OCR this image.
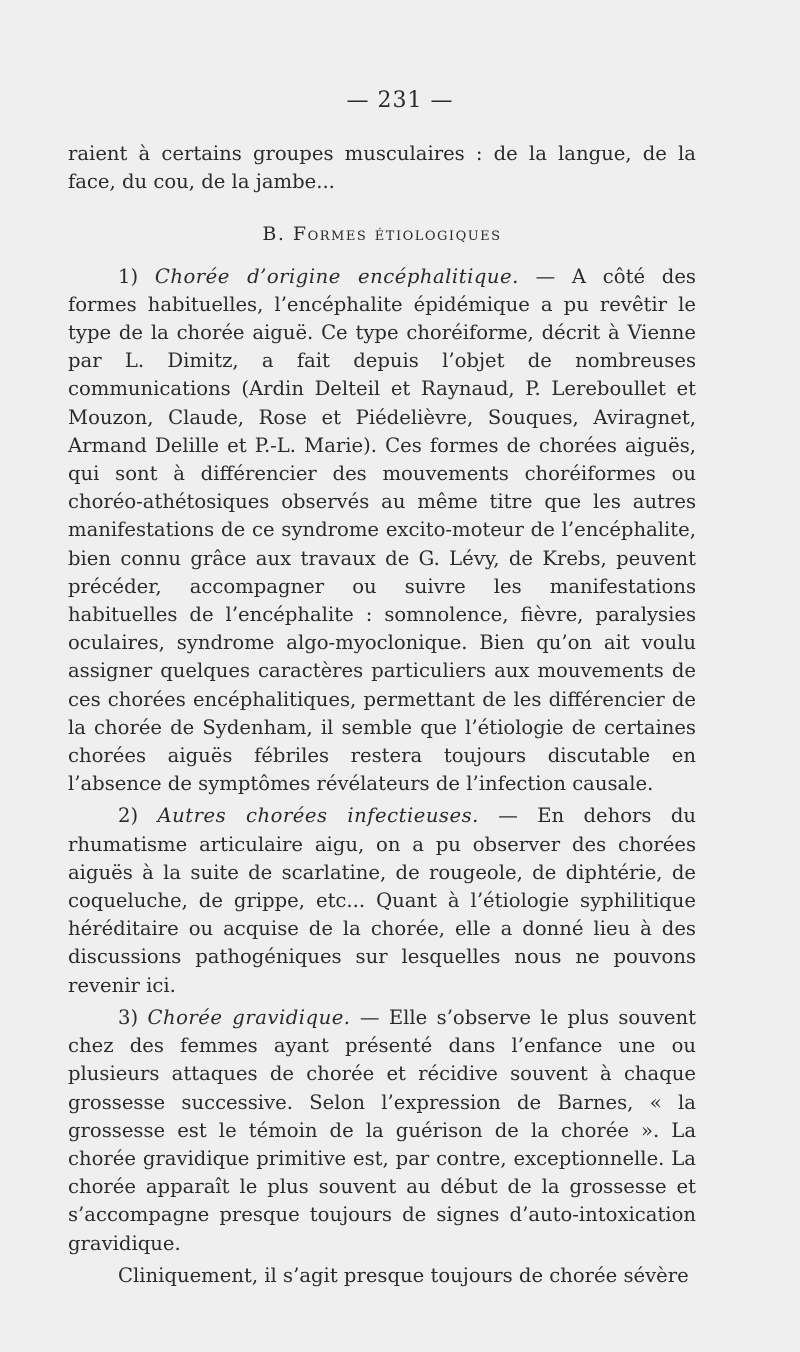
— 231 —

raient à certains groupes musculaires : de la langue, de la face, du cou, de la jambe...

B. Formes étiologiques

1) Chorée d’origine encéphalitique. — A côté des formes habituelles, l’encéphalite épidémique a pu revêtir le type de la chorée aiguë. Ce type choréiforme, décrit à Vienne par L. Dimitz, a fait depuis l’objet de nombreuses communications (Ardin Delteil et Raynaud, P. Lereboullet et Mouzon, Claude, Rose et Piédelièvre, Souques, Aviragnet, Armand Delille et P.-L. Marie). Ces formes de chorées aiguës, qui sont à différencier des mouvements choréiformes ou choréo-athétosiques observés au même titre que les autres manifestations de ce syndrome excito-moteur de l’encéphalite, bien connu grâce aux travaux de G. Lévy, de Krebs, peuvent précéder, accompagner ou suivre les manifestations habituelles de l’encéphalite : somnolence, fièvre, paralysies oculaires, syndrome algo-myoclonique. Bien qu’on ait voulu assigner quelques caractères particuliers aux mouvements de ces chorées encéphalitiques, permettant de les différencier de la chorée de Sydenham, il semble que l’étiologie de certaines chorées aiguës fébriles restera toujours discutable en l’absence de symptômes révélateurs de l’infection causale.

2) Autres chorées infectieuses. — En dehors du rhumatisme articulaire aigu, on a pu observer des chorées aiguës à la suite de scarlatine, de rougeole, de diphtérie, de coqueluche, de grippe, etc... Quant à l’étiologie syphilitique héréditaire ou acquise de la chorée, elle a donné lieu à des discussions pathogéniques sur lesquelles nous ne pouvons revenir ici.

3) Chorée gravidique. — Elle s’observe le plus souvent chez des femmes ayant présenté dans l’enfance une ou plusieurs attaques de chorée et récidive souvent à chaque grossesse successive. Selon l’expression de Barnes, « la grossesse est le témoin de la guérison de la chorée ». La chorée gravidique primitive est, par contre, exceptionnelle. La chorée apparaît le plus souvent au début de la grossesse et s’accompagne presque toujours de signes d’auto-intoxication gravidique.

Cliniquement, il s’agit presque toujours de chorée sévère
